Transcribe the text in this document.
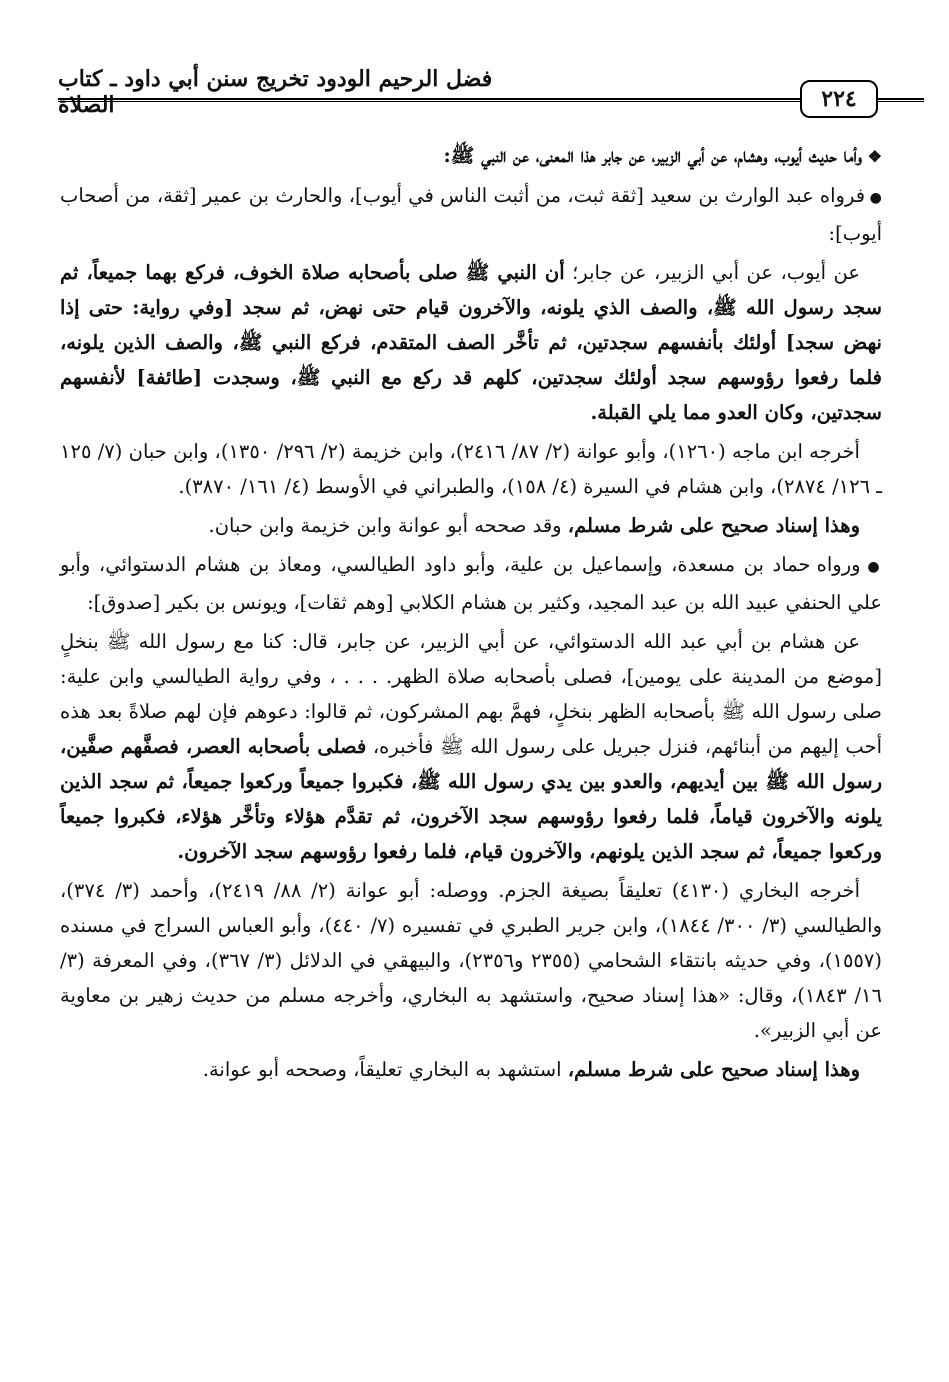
فضل الرحيم الودود تخريج سنن أبي داود ـ كتاب الصلاة	٢٢٤

❖ وأما حديث أيوب، وهشام، عن أبي الزبير، عن جابر هذا المعنى، عن النبي ﷺ:

● فرواه عبد الوارث بن سعيد [ثقة ثبت، من أثبت الناس في أيوب]، والحارث بن عمير [ثقة، من أصحاب أيوب]:

عن أيوب، عن أبي الزبير، عن جابر؛ أن النبي ﷺ صلى بأصحابه صلاة الخوف، فركع بهما جميعاً، ثم سجد رسول الله ﷺ، والصف الذي يلونه، والآخرون قيام حتى نهض، ثم سجد [وفي رواية: حتى إذا نهض سجد] أولئك بأنفسهم سجدتين، ثم تأخَّر الصف المتقدم، فركع النبي ﷺ، والصف الذين يلونه، فلما رفعوا رؤوسهم سجد أولئك سجدتين، كلهم قد ركع مع النبي ﷺ، وسجدت [طائفة] لأنفسهم سجدتين، وكان العدو مما يلي القبلة.

أخرجه ابن ماجه (١٢٦٠)، وأبو عوانة (٢/ ٨٧/ ٢٤١٦)، وابن خزيمة (٢/ ٢٩٦/ ١٣٥٠)، وابن حبان (٧/ ١٢٥ ـ ١٢٦/ ٢٨٧٤)، وابن هشام في السيرة (٤/ ١٥٨)، والطبراني في الأوسط (٤/ ١٦١/ ٣٨٧٠).

وهذا إسناد صحيح على شرط مسلم، وقد صححه أبو عوانة وابن خزيمة وابن حبان.

● ورواه حماد بن مسعدة، وإسماعيل بن علية، وأبو داود الطيالسي، ومعاذ بن هشام الدستوائي، وأبو علي الحنفي عبيد الله بن عبد المجيد، وكثير بن هشام الكلابي [وهم ثقات]، ويونس بن بكير [صدوق]:

عن هشام بن أبي عبد الله الدستوائي، عن أبي الزبير، عن جابر، قال: كنا مع رسول الله ﷺ بنخلٍ [موضع من المدينة على يومين]، فصلى بأصحابه صلاة الظهر. . . . ، وفي رواية الطيالسي وابن علية: صلى رسول الله ﷺ بأصحابه الظهر بنخلٍ، فهمَّ بهم المشركون، ثم قالوا: دعوهم فإن لهم صلاةً بعد هذه أحب إليهم من أبنائهم، فنزل جبريل على رسول الله ﷺ فأخبره، فصلى بأصحابه العصر، فصفَّهم صفَّين، رسول الله ﷺ بين أيديهم، والعدو بين يدي رسول الله ﷺ، فكبروا جميعاً وركعوا جميعاً، ثم سجد الذين يلونه والآخرون قياماً، فلما رفعوا رؤوسهم سجد الآخرون، ثم تقدَّم هؤلاء وتأخَّر هؤلاء، فكبروا جميعاً وركعوا جميعاً، ثم سجد الذين يلونهم، والآخرون قيام، فلما رفعوا رؤوسهم سجد الآخرون.

أخرجه البخاري (٤١٣٠) تعليقاً بصيغة الجزم. ووصله: أبو عوانة (٢/ ٨٨/ ٢٤١٩)، وأحمد (٣/ ٣٧٤)، والطيالسي (٣/ ٣٠٠/ ١٨٤٤)، وابن جرير الطبري في تفسيره (٧/ ٤٤٠)، وأبو العباس السراج في مسنده (١٥٥٧)، وفي حديثه بانتقاء الشحامي (٢٣٥٥ و٢٣٥٦)، والبيهقي في الدلائل (٣/ ٣٦٧)، وفي المعرفة (٣/ ١٦/ ١٨٤٣)، وقال: «هذا إسناد صحيح، واستشهد به البخاري، وأخرجه مسلم من حديث زهير بن معاوية عن أبي الزبير».

وهذا إسناد صحيح على شرط مسلم، استشهد به البخاري تعليقاً، وصححه أبو عوانة.
